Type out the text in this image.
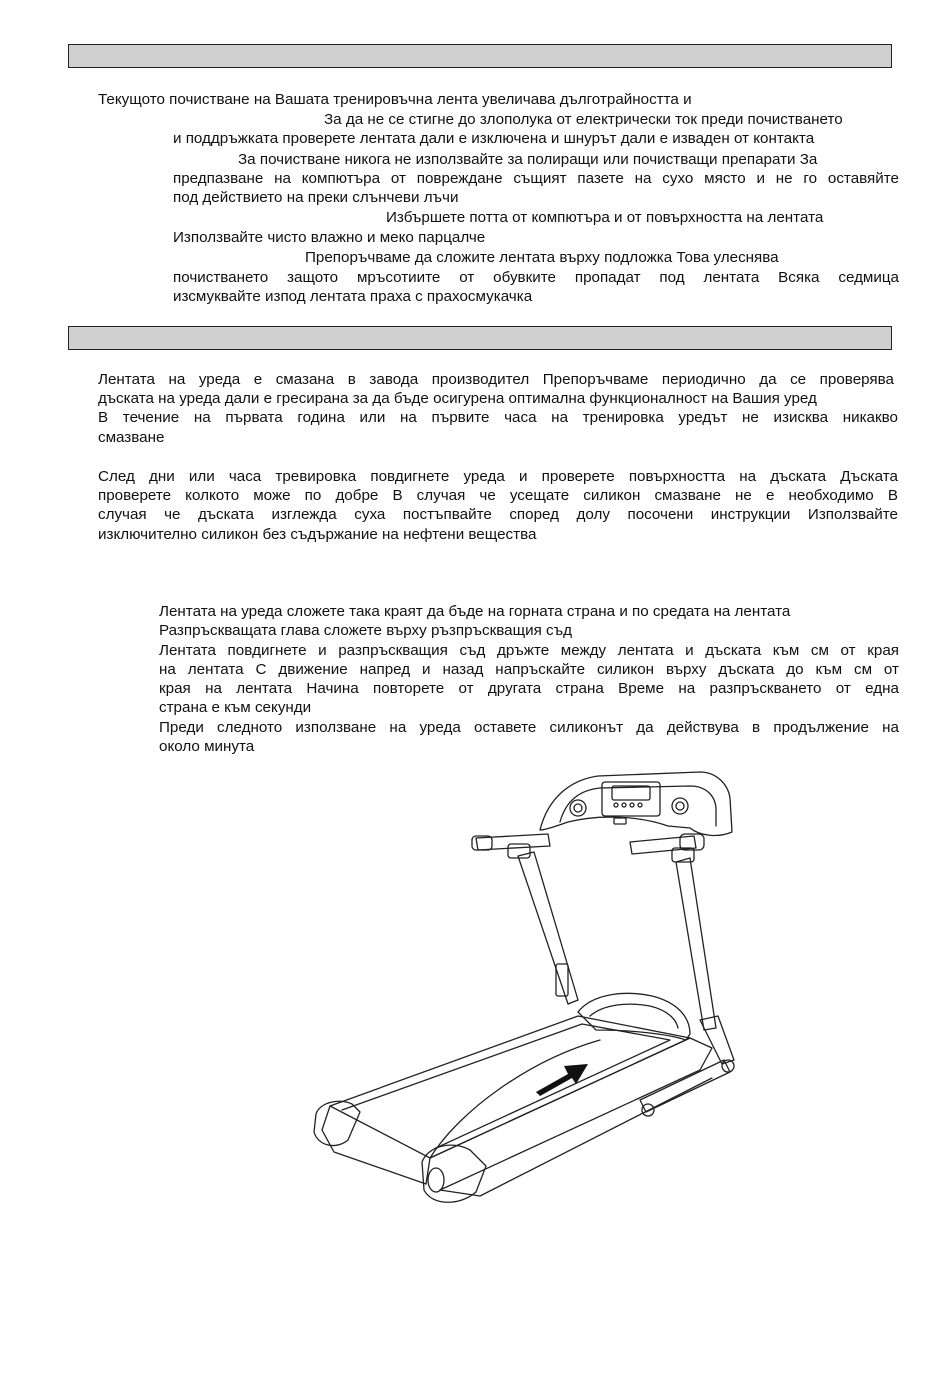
Текущото почистване на Вашата тренировъчна лента увеличава дълготрайността и
За да не се стигне до злополука от електрически ток преди почистването
и поддръжката проверете лентата дали е изключена и шнурът дали е изваден от контакта
За почистване никога не използвайте за полиращи или почистващи препарати За
предпазване на компютъра от повреждане същият пазете на сухо място и не го оставяйте
под действието на преки слънчеви лъчи
Избършете потта от компютъра и от повърхността на лентата
Използвайте чисто влажно и меко парцалче
Препоръчваме да сложите лентата върху подложка Това улеснява
почистването защото мръсотиите от обувките пропадат под лентата Всяка седмица
изсмуквайте изпод лентата праха с прахосмукачка
Лентата на уреда е смазана в завода производител Препоръчваме периодично да се проверява
дъската на уреда дали е гресирана за да бъде осигурена оптимална функционалност на Вашия уред
В течение на първата година или на първите часа на тренировка уредът не изисква никакво
смазване
След дни или часа тревировка повдигнете уреда и проверете повърхността на дъската Дъската
проверете колкото може по добре В случая че усещате силикон смазване не е необходимо В
случая че дъската изглежда суха постъпвайте според долу посочени инструкции Използвайте
изключително силикон без съдържание на нефтени вещества
Лентата на уреда сложете така краят да бъде на горната страна и по средата на лентата
Разпръскващата глава сложете върху ръзпръскващия съд
Лентата повдигнете и разпръскващия съд дръжте между лентата и дъската към см от края
на лентата С движение напред и назад напръскайте силикон върху дъската до към см от
края на лентата Начина повторете от другата страна Време на разпръскването от една
страна е към секунди
Преди следното използване на уреда оставете силиконът да действува в продължение на
около минута
